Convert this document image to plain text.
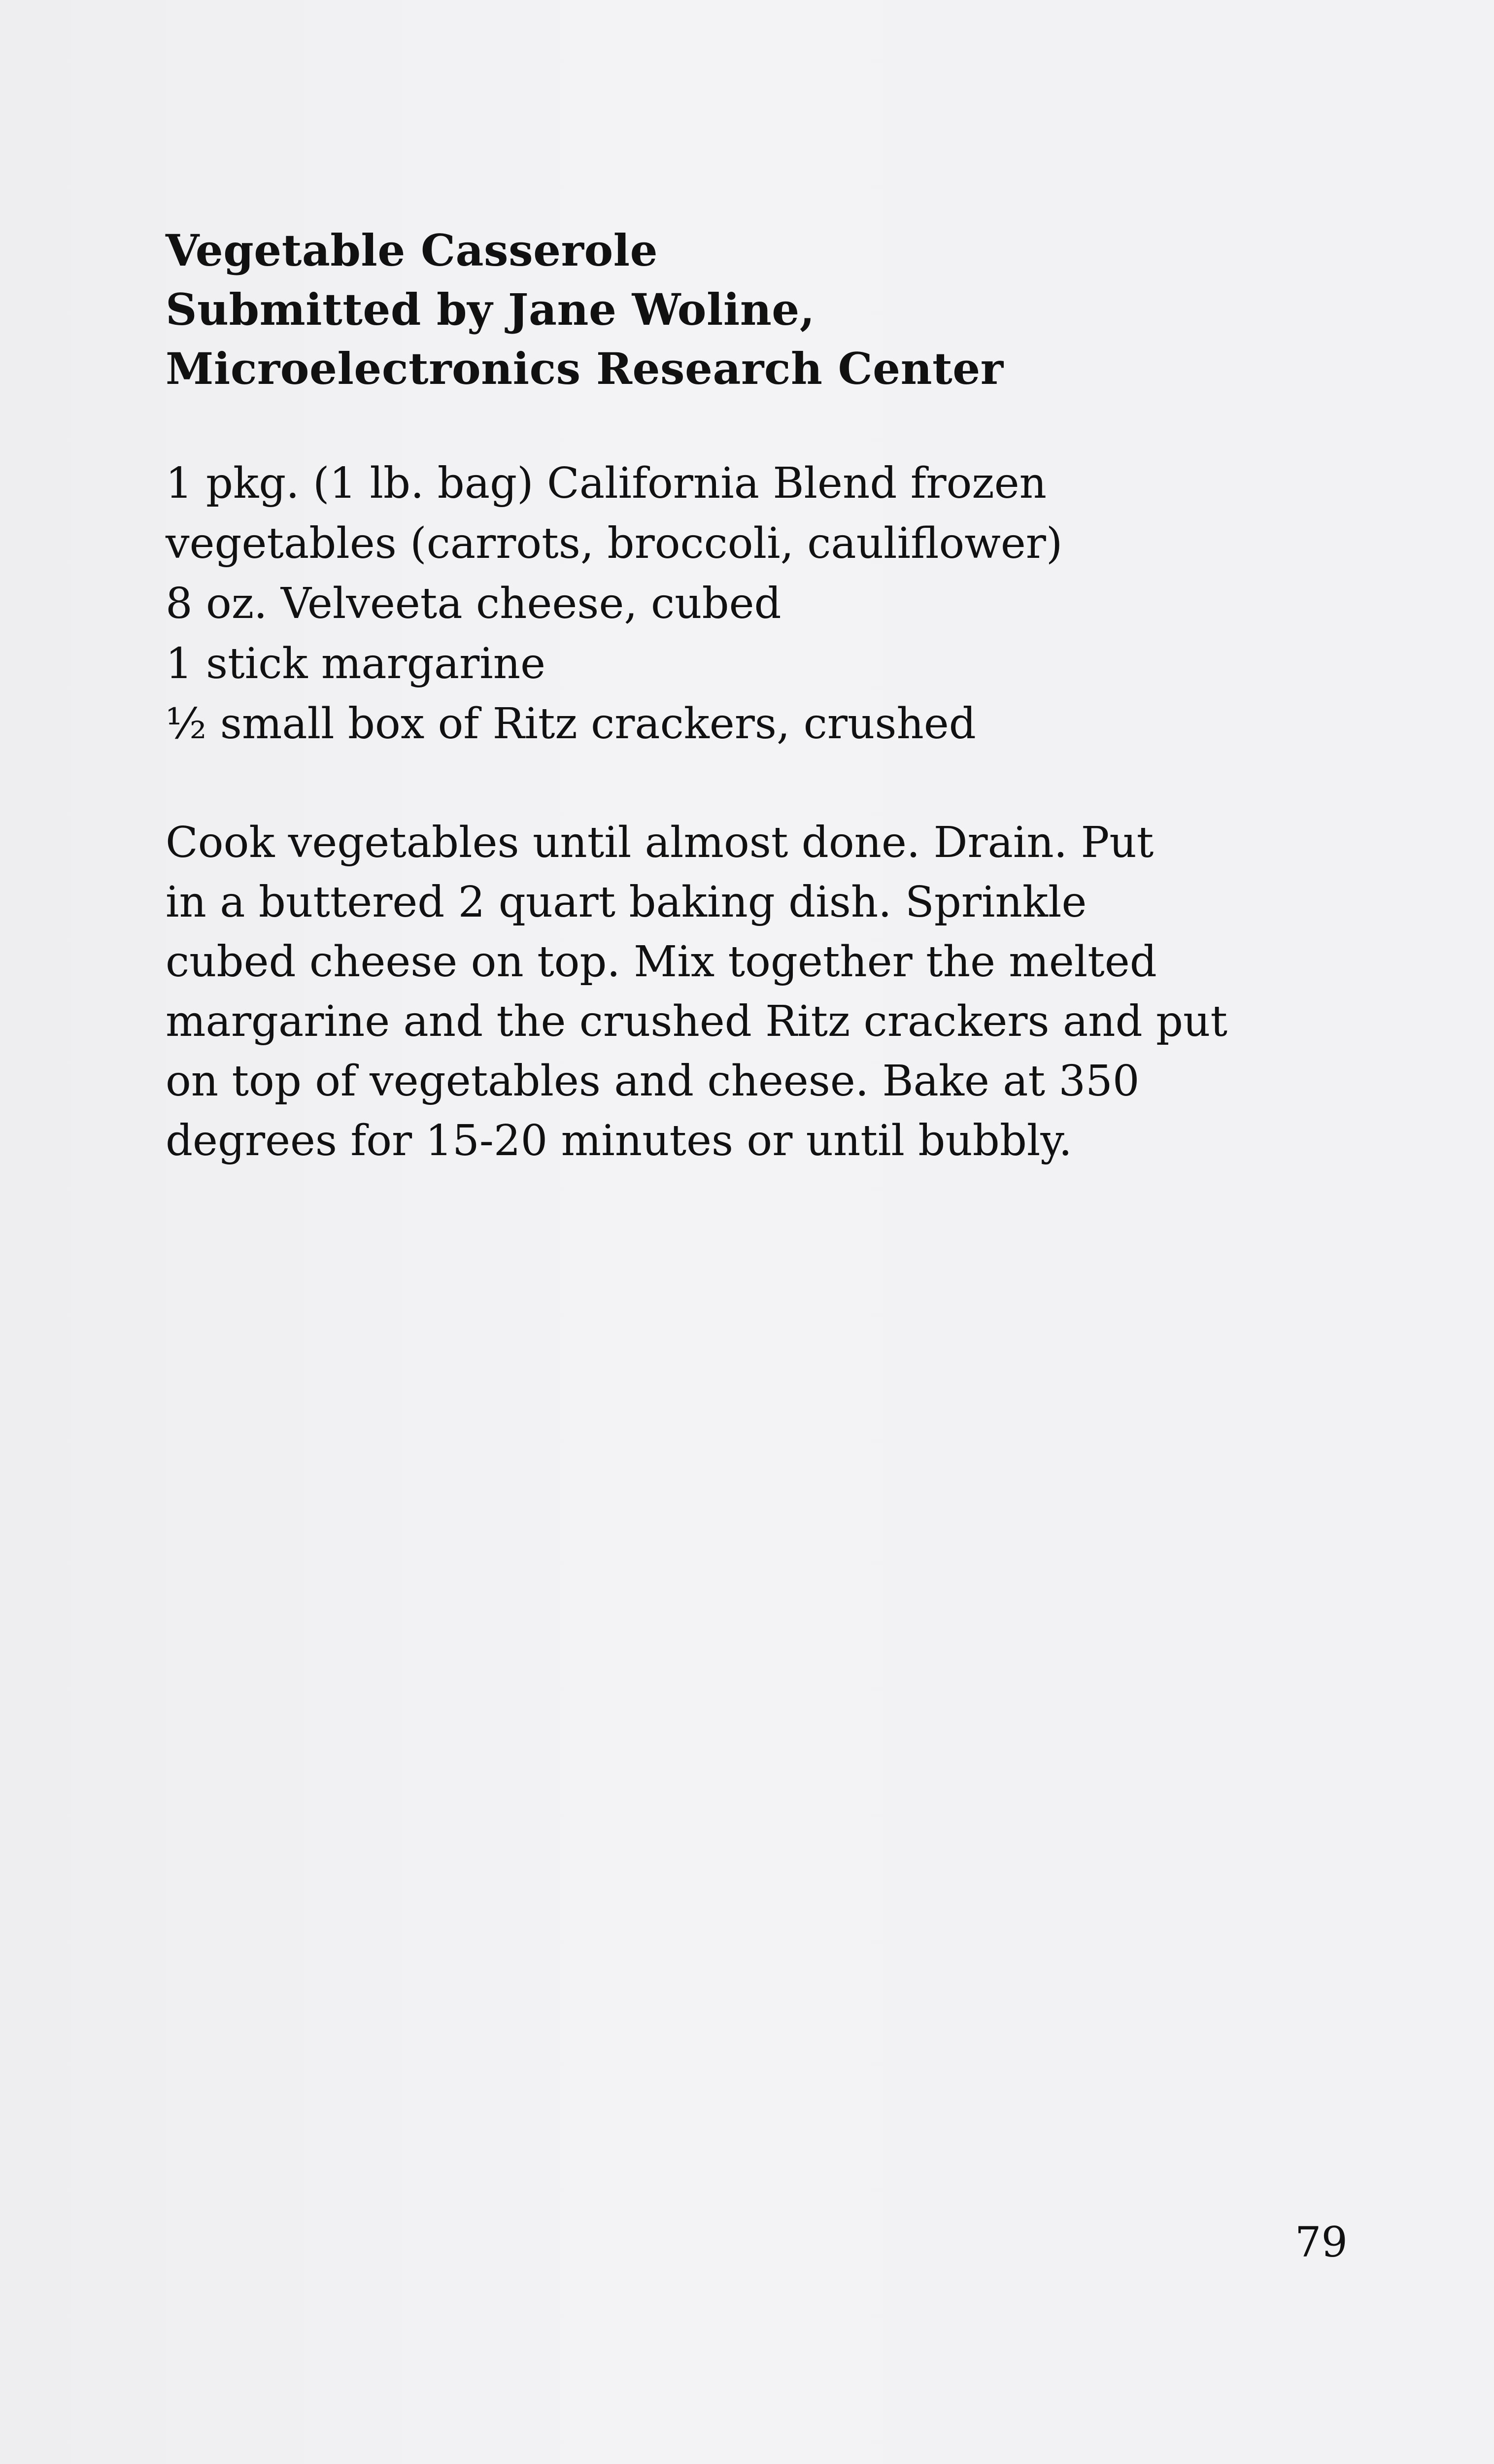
Vegetable Casserole
Submitted by Jane Woline,
Microelectronics Research Center
1 pkg. (1 lb. bag) California Blend frozen
vegetables (carrots, broccoli, cauliflower)
8 oz. Velveeta cheese, cubed
1 stick margarine
½ small box of Ritz crackers, crushed

Cook vegetables until almost done. Drain. Put
in a buttered 2 quart baking dish. Sprinkle
cubed cheese on top. Mix together the melted
margarine and the crushed Ritz crackers and put
on top of vegetables and cheese. Bake at 350
degrees for 15-20 minutes or until bubbly.

79
